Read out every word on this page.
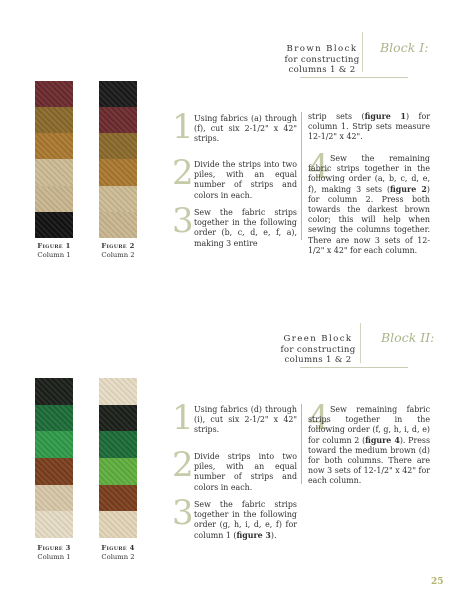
Brown Block
for constructing
columns 1 & 2
Block I:
Figure 1
Column 1
Figure 2
Column 2
1 Using fabrics (a) through (f), cut six 2-1/2" x 42" strips.
2 Divide the strips into two piles, with an equal number of strips and colors in each.
3 Sew the fabric strips together in the following order (b, c, d, e, f, a), making 3 entire
strip sets (figure 1) for column 1. Strip sets measure 12-1/2" x 42".
4 Sew the remaining fabric strips together in the following order (a, b, c, d, e, f), making 3 sets (figure 2) for column 2. Press both towards the darkest brown color; this will help when sewing the columns together. There are now 3 sets of 12-1/2" x 42" for each column.
Green Block
for constructing
columns 1 & 2
Block II:
Figure 3
Column 1
Figure 4
Column 2
1 Using fabrics (d) through (i), cut six 2-1/2" x 42" strips.
2 Divide strips into two piles, with an equal number of strips and colors in each.
3 Sew the fabric strips together in the following order (g, h, i, d, e, f) for column 1 (figure 3).
4 Sew remaining fabric strips together in the following order (f, g, h, i, d, e) for column 2 (figure 4). Press toward the medium brown (d) for both columns. There are now 3 sets of 12-1/2" x 42" for each column.
25
